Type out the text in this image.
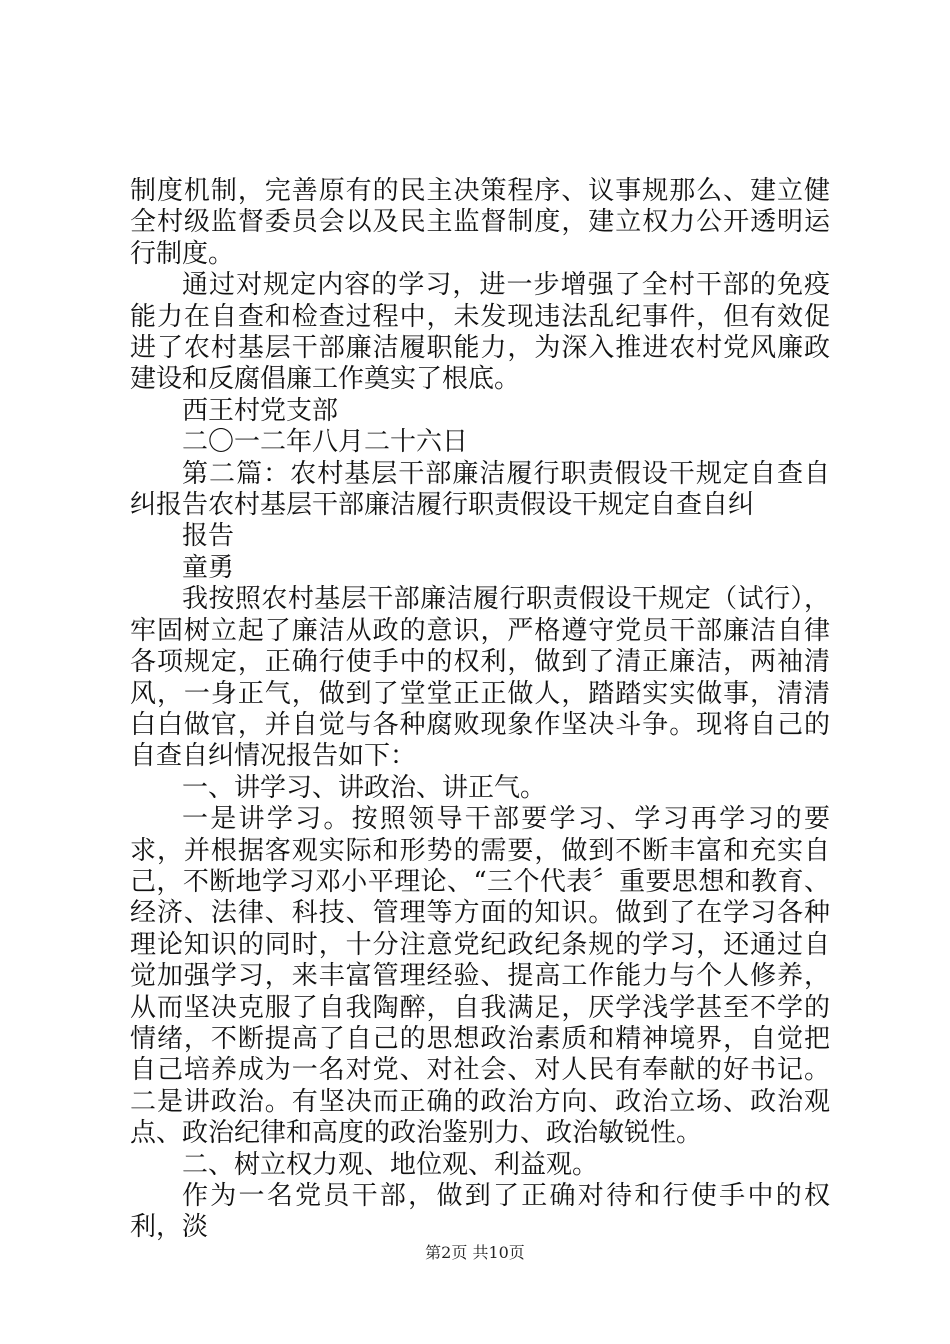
制度机制，完善原有的民主决策程序、议事规那么、建立健全村级监督委员会以及民主监督制度，建立权力公开透明运行制度。

通过对规定内容的学习，进一步增强了全村干部的免疫能力在自查和检查过程中，未发现违法乱纪事件，但有效促进了农村基层干部廉洁履职能力，为深入推进农村党风廉政建设和反腐倡廉工作奠实了根底。

西王村党支部

二〇一二年八月二十六日

第二篇：农村基层干部廉洁履行职责假设干规定自查自纠报告农村基层干部廉洁履行职责假设干规定自查自纠

报告

童勇

我按照农村基层干部廉洁履行职责假设干规定（试行），牢固树立起了廉洁从政的意识，严格遵守党员干部廉洁自律各项规定，正确行使手中的权利，做到了清正廉洁，两袖清风，一身正气，做到了堂堂正正做人，踏踏实实做事，清清白白做官，并自觉与各种腐败现象作坚决斗争。现将自己的自查自纠情况报告如下：

一、讲学习、讲政治、讲正气。

一是讲学习。按照领导干部要学习、学习再学习的要求，并根据客观实际和形势的需要，做到不断丰富和充实自己，不断地学习邓小平理论、“三个代表〞重要思想和教育、经济、法律、科技、管理等方面的知识。做到了在学习各种理论知识的同时，十分注意党纪政纪条规的学习，还通过自觉加强学习，来丰富管理经验、提高工作能力与个人修养，从而坚决克服了自我陶醉，自我满足，厌学浅学甚至不学的情绪，不断提高了自己的思想政治素质和精神境界，自觉把自己培养成为一名对党、对社会、对人民有奉献的好书记。二是讲政治。有坚决而正确的政治方向、政治立场、政治观点、政治纪律和高度的政治鉴别力、政治敏锐性。

二、树立权力观、地位观、利益观。

作为一名党员干部，做到了正确对待和行使手中的权利，淡

第2页 共10页
